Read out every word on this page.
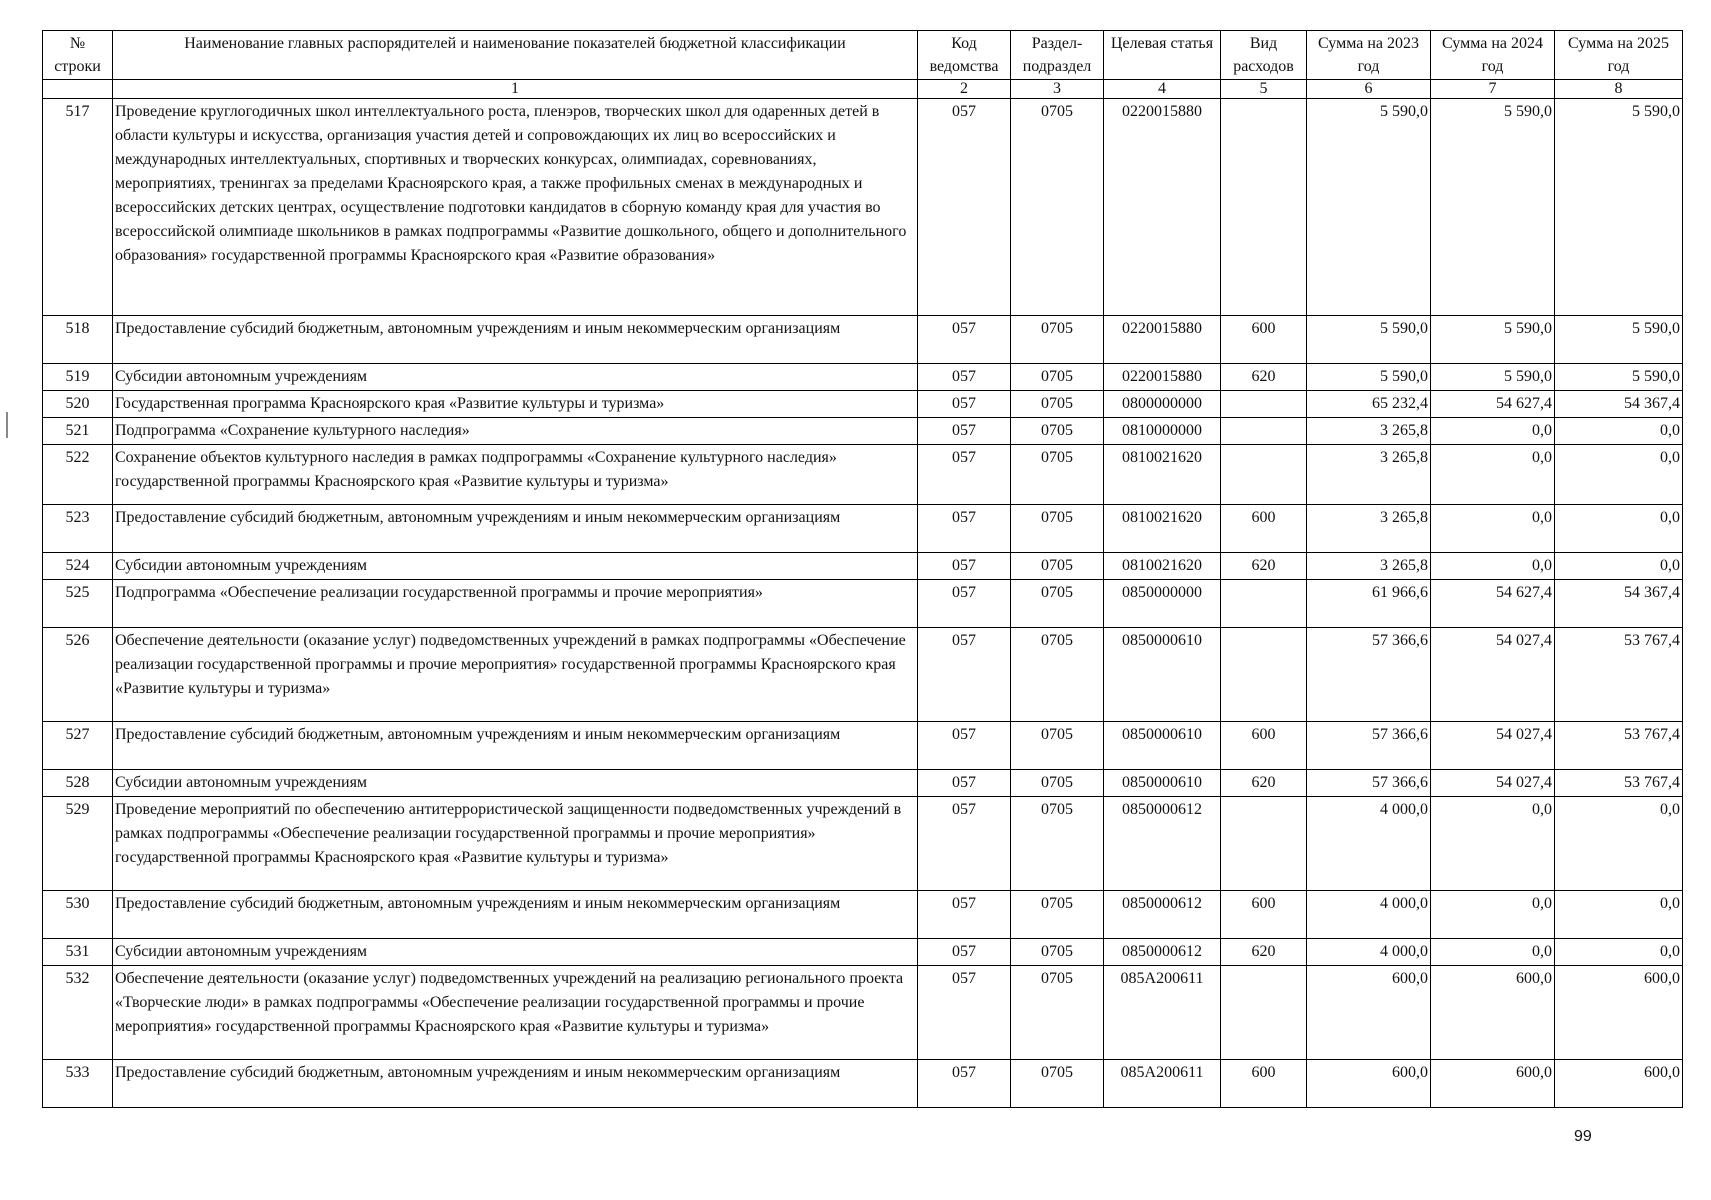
№ строки	Наименование главных распорядителей и наименование показателей бюджетной классификации	Код ведомства	Раздел-подраздел	Целевая статья	Вид расходов	Сумма на 2023 год	Сумма на 2024 год	Сумма на 2025 год
	1	2	3	4	5	6	7	8
517	Проведение круглогодичных школ интеллектуального роста, пленэров, творческих школ для одаренных детей в области культуры и искусства, организация участия детей и сопровождающих их лиц во всероссийских и международных интеллектуальных, спортивных и творческих конкурсах, олимпиадах, соревнованиях, мероприятиях, тренингах за пределами Красноярского края, а также профильных сменах в международных и всероссийских детских центрах, осуществление подготовки кандидатов в сборную команду края для участия во всероссийской олимпиаде школьников в рамках подпрограммы «Развитие дошкольного, общего и дополнительного образования» государственной программы Красноярского края «Развитие образования»	057	0705	0220015880		5 590,0	5 590,0	5 590,0
518	Предоставление субсидий бюджетным, автономным учреждениям и иным некоммерческим организациям	057	0705	0220015880	600	5 590,0	5 590,0	5 590,0
519	Субсидии автономным учреждениям	057	0705	0220015880	620	5 590,0	5 590,0	5 590,0
520	Государственная программа Красноярского края «Развитие культуры и туризма»	057	0705	0800000000		65 232,4	54 627,4	54 367,4
521	Подпрограмма «Сохранение культурного наследия»	057	0705	0810000000		3 265,8	0,0	0,0
522	Сохранение объектов культурного наследия в рамках подпрограммы «Сохранение культурного наследия» государственной программы Красноярского края «Развитие культуры и туризма»	057	0705	0810021620		3 265,8	0,0	0,0
523	Предоставление субсидий бюджетным, автономным учреждениям и иным некоммерческим организациям	057	0705	0810021620	600	3 265,8	0,0	0,0
524	Субсидии автономным учреждениям	057	0705	0810021620	620	3 265,8	0,0	0,0
525	Подпрограмма «Обеспечение реализации государственной программы и прочие мероприятия»	057	0705	0850000000		61 966,6	54 627,4	54 367,4
526	Обеспечение деятельности (оказание услуг) подведомственных учреждений в рамках подпрограммы «Обеспечение реализации государственной программы и прочие мероприятия» государственной программы Красноярского края «Развитие культуры и туризма»	057	0705	0850000610		57 366,6	54 027,4	53 767,4
527	Предоставление субсидий бюджетным, автономным учреждениям и иным некоммерческим организациям	057	0705	0850000610	600	57 366,6	54 027,4	53 767,4
528	Субсидии автономным учреждениям	057	0705	0850000610	620	57 366,6	54 027,4	53 767,4
529	Проведение мероприятий по обеспечению антитеррористической защищенности подведомственных учреждений в рамках подпрограммы «Обеспечение реализации государственной программы и прочие мероприятия» государственной программы Красноярского края «Развитие культуры и туризма»	057	0705	0850000612		4 000,0	0,0	0,0
530	Предоставление субсидий бюджетным, автономным учреждениям и иным некоммерческим организациям	057	0705	0850000612	600	4 000,0	0,0	0,0
531	Субсидии автономным учреждениям	057	0705	0850000612	620	4 000,0	0,0	0,0
532	Обеспечение деятельности (оказание услуг) подведомственных учреждений на реализацию регионального проекта «Творческие люди» в рамках подпрограммы «Обеспечение реализации государственной программы и прочие мероприятия» государственной программы Красноярского края «Развитие культуры и туризма»	057	0705	085A200611		600,0	600,0	600,0
533	Предоставление субсидий бюджетным, автономным учреждениям и иным некоммерческим организациям	057	0705	085A200611	600	600,0	600,0	600,0
99
